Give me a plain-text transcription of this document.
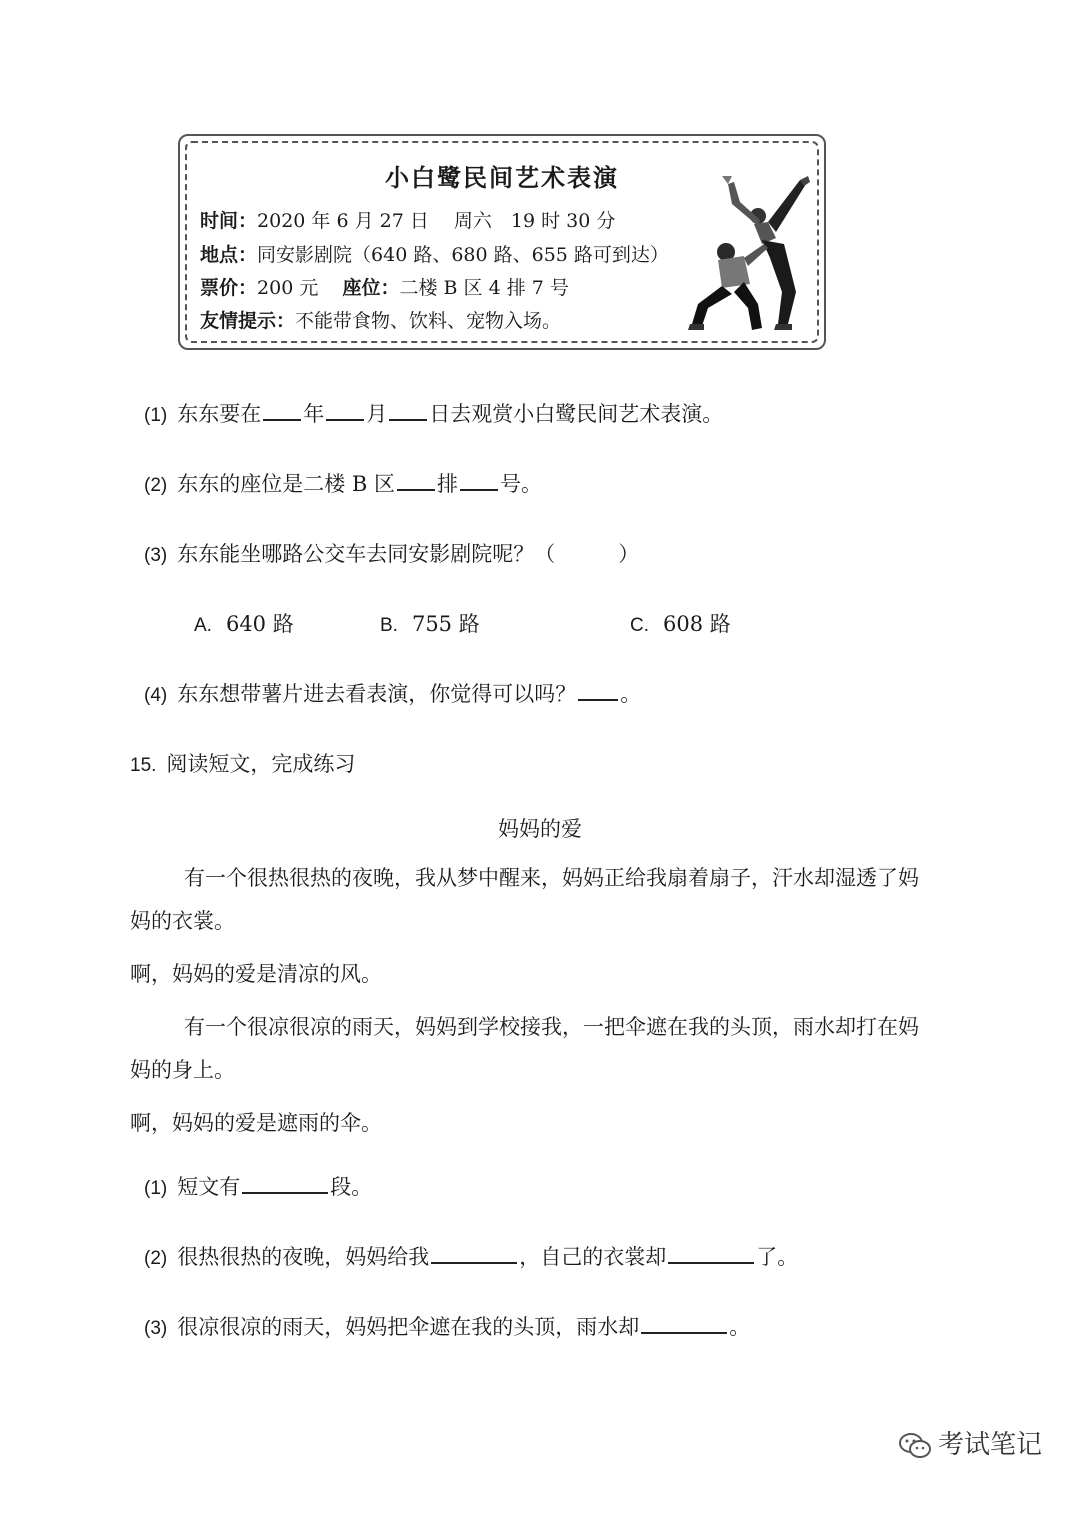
小白鹭民间艺术表演
时间：2020 年 6 月 27 日　 周六　19 时 30 分
地点：同安影剧院（640 路、680 路、655 路可到达）
票价：200 元 座位：二楼 B 区 4 排 7 号
友情提示：不能带食物、饮料、宠物入场。
(1) 东东要在 年 月 日去观赏小白鹭民间艺术表演。
(2) 东东的座位是二楼 B 区 排 号。
(3) 东东能坐哪路公交车去同安影剧院呢？（　　　）
A. 640 路	B. 755 路	C. 608 路
(4) 东东想带薯片进去看表演，你觉得可以吗？ 。
15. 阅读短文，完成练习
妈妈的爱
有一个很热很热的夜晚，我从梦中醒来，妈妈正给我扇着扇子，汗水却湿透了妈
妈的衣裳。
啊，妈妈的爱是清凉的风。
有一个很凉很凉的雨天，妈妈到学校接我，一把伞遮在我的头顶，雨水却打在妈
妈的身上。
啊，妈妈的爱是遮雨的伞。
(1) 短文有	段。
(2) 很热很热的夜晚，妈妈给我	，自己的衣裳却	了。
(3) 很凉很凉的雨天，妈妈把伞遮在我的头顶，雨水却	。
考试笔记
